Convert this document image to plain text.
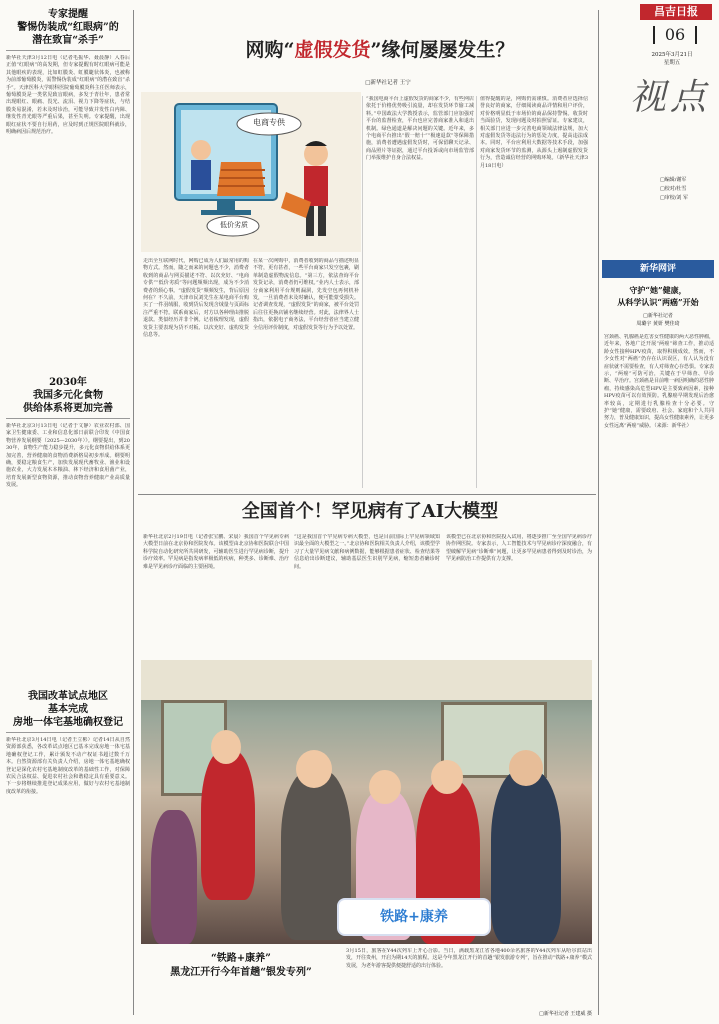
昌吉日报
06
2025年3月21日
星期五
视点
□编辑/谢军
□校对/杜雪
□审校/刘 军
专家提醒
警惕伪装成“红眼病”的
潜在致盲“杀手”
新华社天津3月12日电（记者毛振华、聂晨静）入春后正值“红眼病”的高发期，但专家提醒有时红眼病可能是其他眼疾的表现，比如虹膜炎、虹膜睫状体炎，也被称为前部葡萄膜炎，需警惕伪装成“红眼病”的潜在致盲“杀手”。天津医科大学眼科医院葡萄膜炎科主任医师表示，葡萄膜炎是一类常见致盲眼病，多发于青壮年，患者常出现眼红、眼痛、畏光、流泪、视力下降等症状，与结膜炎易混淆，若未及时诊治，可能导致并发性白内障、继发性青光眼等严重后果，甚至失明。专家提醒，出现眼红症状不要自行用药，应及时到正规医院眼科就诊，明确病因后规范治疗。
2030年
我国多元化食物
供给体系将更加完善
新华社北京3月13日电（记者于文静）农业农村部、国家卫生健康委、工业和信息化部日前联合印发《中国食物营养发展纲要（2025—2030年）》。纲要提出，到2030年，食物生产能力稳步提升，多元化食物供给体系更加完善，营养健康的食物消费新格局初步形成。纲要明确，要稳定粮食生产，加快发展现代畜牧业、渔业和设施农业，大力发展木本粮油、林下经济和食用菌产业，培育发展新型食物资源，推动食物营养健康产业高质量发展。
我国改革试点地区
基本完成
房地一体宅基地确权登记
新华社北京3月14日电（记者王立彬）记者14日从自然资源部获悉，各改革试点地区已基本完成房地一体宅基地确权登记工作，累计颁发不动产权证书超过数千万本。自然资源部有关负责人介绍，房地一体宅基地确权登记是深化农村宅基地制度改革的基础性工作，对保障农民合法权益、促进农村社会和谐稳定具有重要意义。下一步将继续推进登记成果应用，做好与农村宅基地制度改革的衔接。
网购“虚假发货”缘何屡屡发生？
□新华社记者 王宁
电商专供
低价劣质
走出全互联网时代，网购已成为人们最常用的购物方式。然而，随之而来的问题也不少，消费者收到的商品与网页描述不符、以次充好、“电商专供”“低价劣质”等问题频频出现，成为不少消费者的烦心事。“虚假发货”频频发生，背后原因何在？不久前，天津市民刘先生在某电商平台购买了一件羽绒服，收到货后发现含绒量与页面标注严重不符。联系商家后，对方以各种理由推脱退款。类似经历并非个例。记者梳理发现，虚假发货主要表现为货不对板、以次充好、虚构发货信息等。
在某一次网购中，消费者收到的商品与描述明显不符，更有甚者，一些平台商家只发空包裹，刷单制造虚假物流信息。“第三方，依法查询平台发货记录，消费者仍可维权。”业内人士表示，部分商家利用平台规则漏洞，先发空包再伺机补发，一旦消费者未及时确认，便可能蒙受损失。记者调查发现，“虚假发货”的商家，被平台处罚后往往更换店铺名继续经营。对此，法律界人士指出，依据电子商务法，平台经营者应当建立健全信用评价制度，对虚假发货等行为予以处置。
“我国电商平台上虚假发货的商家不少，有些网店依托于价格优势吸引流量，却在发货环节偷工减料。”中国政法大学教授表示，监管部门应加强对平台的监督检查，平台也应完善商家准入和退出机制。绿色通道是解决问题的关键。近年来，多个电商平台推出“假一赔十”“极速退款”等保障措施，消费者遭遇虚假发货时，可保留聊天记录、商品照片等证据，通过平台投诉或向市场监管部门举报维护自身合法权益。
值得提醒的是，网购仍需谨慎。消费者应选择信誉良好的商家，仔细阅读商品详情和用户评价，对价格明显低于市场价的商品保持警惕。收货时当面验货，发现问题及时拍照留证。专家建议，相关部门应进一步完善电商领域法律法规，加大对虚假发货等违法行为的惩处力度，提高违法成本。同时，平台应利用大数据等技术手段，加强对商家发货环节的监测，从源头上遏制虚假发货行为，营造诚信经营的网购环境。（新华社天津3月18日电）
新华网评
守护“她”健康，
从科学认识“两癌”开始
□新华社记者
周璐宇 黄妍 樊佳琦
宫颈癌、乳腺癌是危害女性健康的两大恶性肿瘤，近年来，各地广泛开展“两癌”筛查工作，推动适龄女性接种HPV疫苗，取得积极成效。然而，不少女性对“两癌”仍存在认识误区，有人认为没有症状就不需要检查，有人对筛查心存恐惧。专家表示，“两癌”可防可治，关键在于早筛查、早诊断、早治疗。宫颈癌是目前唯一病因明确的恶性肿瘤，持续感染高危型HPV是主要致病因素，接种HPV疫苗可以有效预防。乳腺癌早期发现后治愈率较高，定期进行乳腺检查十分必要。守护“她”健康，需要政府、社会、家庭和个人共同努力，普及健康知识，提高女性健康素养，让更多女性远离“两癌”威胁。（来源：新华社）
全国首个！罕见病有了AI大模型
新华社北京2月19日电（记者张宝鹏、宋晨）我国首个罕见病专病大模型日前在北京协和医院发布。该模型由北京协和医院联合中国科学院自动化研究所共同研发，可辅助医生进行罕见病诊断，提升诊疗效率。罕见病是指发病率极低的疾病，种类多、诊断难、治疗难是罕见病诊疗面临的主要困境。
“这是我国首个罕见病专病大模型，也是目前国际上罕见病领域知识最全面的大模型之一。”北京协和医院相关负责人介绍，该模型学习了大量罕见病文献和病例数据，能够根据患者症状、检查结果等信息给出诊断建议，辅助基层医生识别罕见病，缩短患者确诊时间。
该模型已在北京协和医院投入试用，将逐步推广至全国罕见病诊疗协作网医院。专家表示，人工智能技术与罕见病诊疗深度融合，有望破解罕见病“诊断难”问题，让更多罕见病患者得到及时诊治，为罕见病防治工作提供有力支撑。
铁路+康养
“铁路+康养”
黑龙江开行今年首趟“银发专列”
3月15日，旅客在Y44次列车上开心合影。当日，满载黑龙江省各地400余名旅客的Y44次列车从哈尔滨站出发，开往贵州，开启为期14天的旅程。这是今年黑龙江开行的首趟“银发旅游专列”，旨在推动“铁路+康养”模式发展，为老年游客提供便捷舒适的出行体验。
□新华社记者 王建威 摄
